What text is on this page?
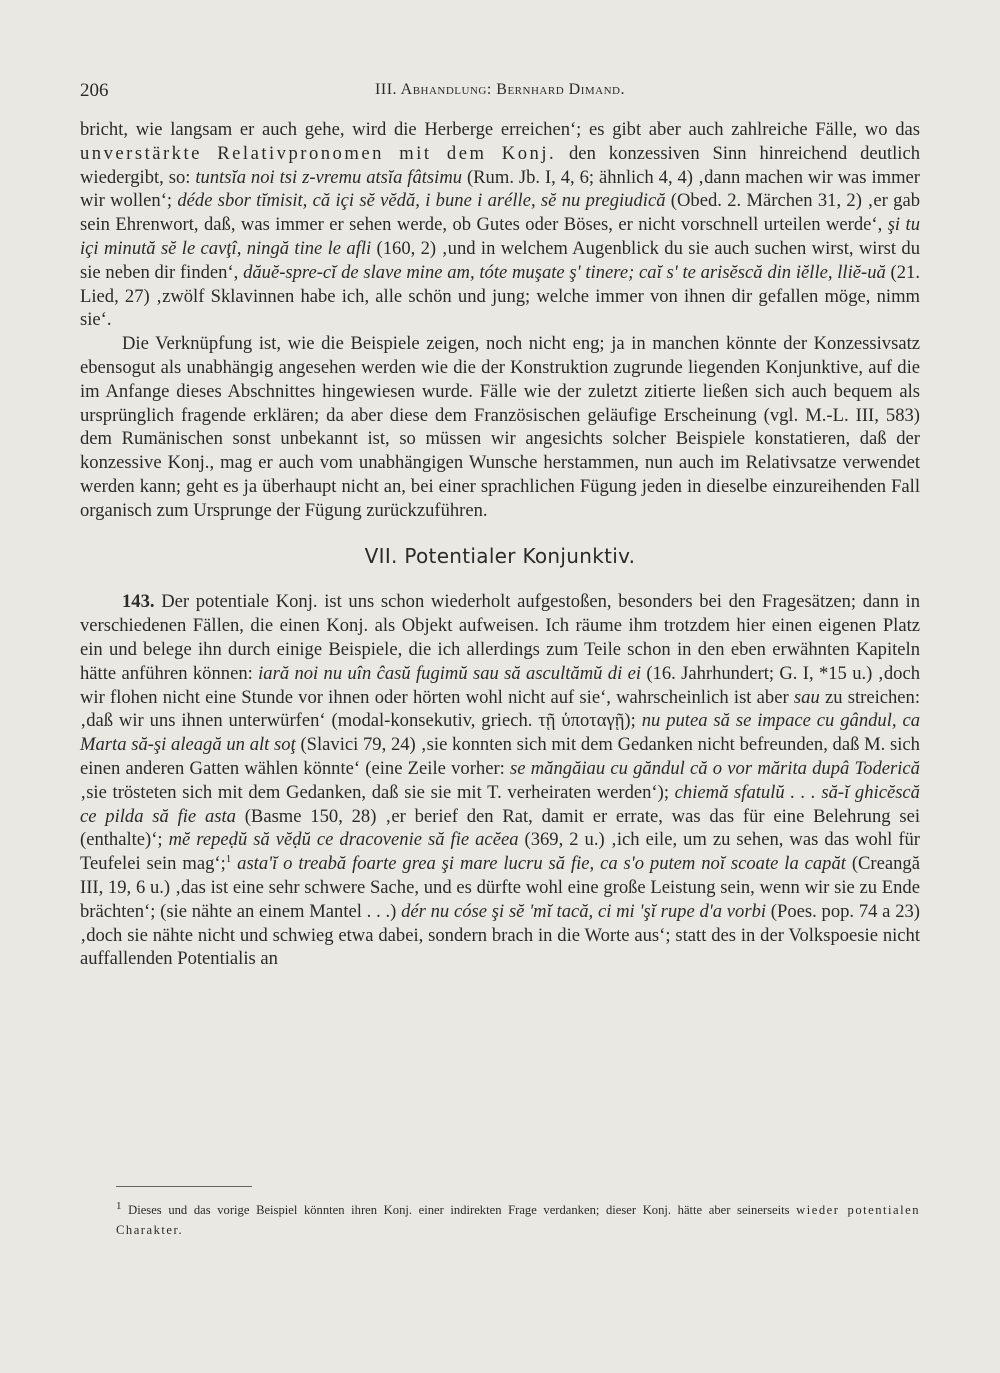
206	III. Abhandlung: Bernhard Dimand.

bricht, wie langsam er auch gehe, wird die Herberge erreichen‘; es gibt aber auch zahlreiche Fälle, wo das unverstärkte Relativpronomen mit dem Konj. den konzessiven Sinn hinreichend deutlich wiedergibt, so: tuntsĭa noi tsi z-vremu atsĭa fâtsimu (Rum. Jb. I, 4, 6; ähnlich 4, 4) ‚dann machen wir was immer wir wollen‘; déde sbor tĭmisit, că içi sĕ vĕdă, i bune i arélle, sĕ nu pregiudică (Obed. 2. Märchen 31, 2) ‚er gab sein Ehrenwort, daß, was immer er sehen werde, ob Gutes oder Böses, er nicht vorschnell urteilen werde‘, şi tu içi minută sĕ le cavţî, ningă tine le afli (160, 2) ‚und in welchem Augenblick du sie auch suchen wirst, wirst du sie neben dir finden‘, dăuĕ-spre-cĭ de slave mine am, tóte muşate ş' tinere; caĭ s' te arisĕscă din iĕlle, lliĕ-uă (21. Lied, 27) ‚zwölf Sklavinnen habe ich, alle schön und jung; welche immer von ihnen dir gefallen möge, nimm sie‘.

Die Verknüpfung ist, wie die Beispiele zeigen, noch nicht eng; ja in manchen könnte der Konzessivsatz ebensogut als unabhängig angesehen werden wie die der Konstruktion zugrunde liegenden Konjunktive, auf die im Anfange dieses Abschnittes hingewiesen wurde. Fälle wie der zuletzt zitierte ließen sich auch bequem als ursprünglich fragende erklären; da aber diese dem Französischen geläufige Erscheinung (vgl. M.-L. III, 583) dem Rumänischen sonst unbekannt ist, so müssen wir angesichts solcher Beispiele konstatieren, daß der konzessive Konj., mag er auch vom unabhängigen Wunsche herstammen, nun auch im Relativsatze verwendet werden kann; geht es ja überhaupt nicht an, bei einer sprachlichen Fügung jeden in dieselbe einzureihenden Fall organisch zum Ursprunge der Fügung zurückzuführen.

VII. Potentialer Konjunktiv.

143. Der potentiale Konj. ist uns schon wiederholt aufgestoßen, besonders bei den Fragesätzen; dann in verschiedenen Fällen, die einen Konj. als Objekt aufweisen. Ich räume ihm trotzdem hier einen eigenen Platz ein und belege ihn durch einige Beispiele, die ich allerdings zum Teile schon in den eben erwähnten Kapiteln hätte anführen können: iară noi nu uîn ĉasŭ fugimŭ sau să ascultămŭ di ei (16. Jahrhundert; G. I, *15 u.) ‚doch wir flohen nicht eine Stunde vor ihnen oder hörten wohl nicht auf sie‘, wahrscheinlich ist aber sau zu streichen: ‚daß wir uns ihnen unterwürfen‘ (modal-konsekutiv, griech. τῇ ὑποταγῇ); nu putea să se impace cu gândul, ca Marta să-şi aleagă un alt soţ (Slavici 79, 24) ‚sie konnten sich mit dem Gedanken nicht befreunden, daß M. sich einen anderen Gatten wählen könnte‘ (eine Zeile vorher: se măngăiau cu găndul că o vor mărita dupâ Toderică ‚sie trösteten sich mit dem Gedanken, daß sie sie mit T. verheiraten werden‘); chiemă sfatulŭ . . . să-ĭ ghicĕscă ce pilda să fie asta (Basme 150, 28) ‚er berief den Rat, damit er errate, was das für eine Belehrung sei (enthalte)‘; mĕ repeḍŭ să vĕḍŭ ce dracovenie să fie acĕea (369, 2 u.) ‚ich eile, um zu sehen, was das wohl für Teufelei sein mag‘;$^1$ asta'ĭ o treabă foarte grea şi mare lucru să fie, ca s'o putem noĭ scoate la capăt (Creangă III, 19, 6 u.) ‚das ist eine sehr schwere Sache, und es dürfte wohl eine große Leistung sein, wenn wir sie zu Ende brächten‘; (sie nähte an einem Mantel . . .) dér nu cóse şi sĕ 'mĭ tacă, ci mi 'şĭ rupe d'a vorbi (Poes. pop. 74 a 23) ‚doch sie nähte nicht und schwieg etwa dabei, sondern brach in die Worte aus‘; statt des in der Volkspoesie nicht auffallenden Potentialis an

1 Dieses und das vorige Beispiel könnten ihren Konj. einer indirekten Frage verdanken; dieser Konj. hätte aber seinerseits wieder potentialen Charakter.
